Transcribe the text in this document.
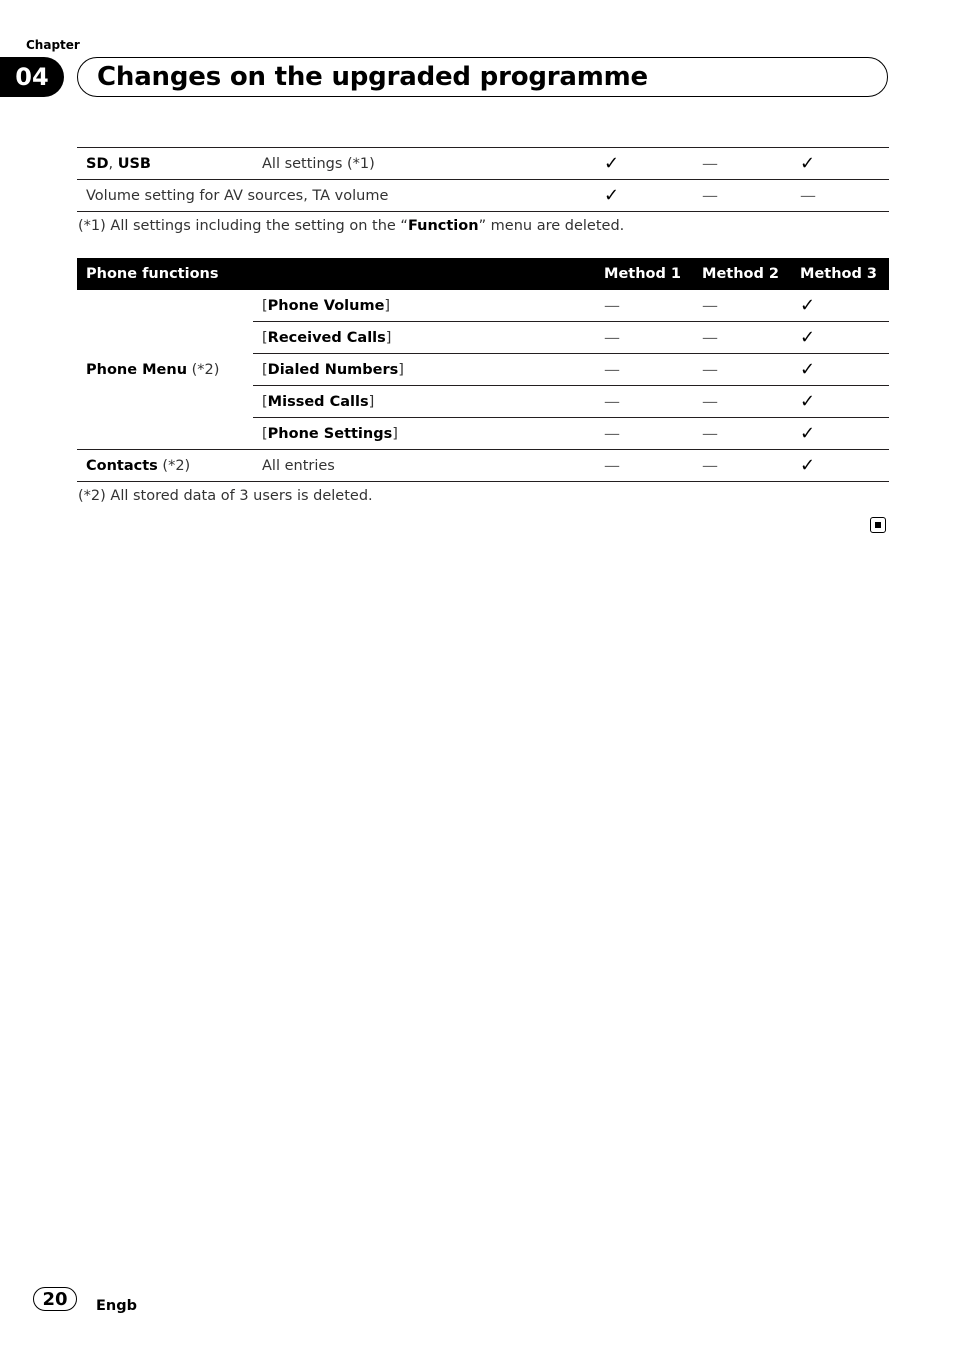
Chapter
04	Changes on the upgraded programme
SD, USB	All settings (*1)	✓	—	✓
Volume setting for AV sources, TA volume		✓	—	—
(*1) All settings including the setting on the “Function” menu are deleted.
Phone functions		Method 1	Method 2	Method 3
Phone Menu (*2)	[Phone Volume]	—	—	✓
	[Received Calls]	—	—	✓
	[Dialed Numbers]	—	—	✓
	[Missed Calls]	—	—	✓
	[Phone Settings]	—	—	✓
Contacts (*2)	All entries	—	—	✓
(*2) All stored data of 3 users is deleted.
20	Engb
